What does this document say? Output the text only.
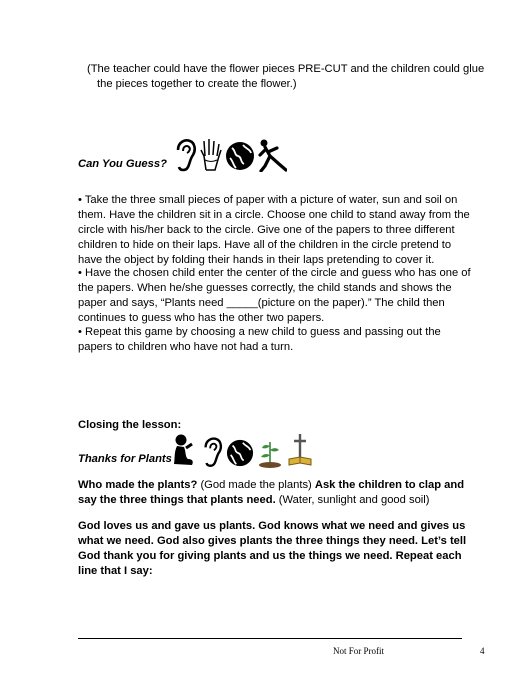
(The teacher could have the flower pieces PRE-CUT and the children could glue
the pieces together to create the flower.)
Can You Guess?
• Take the three small pieces of paper with a picture of water, sun and soil on them. Have the children sit in a circle. Choose one child to stand away from the circle with his/her back to the circle. Give one of the papers to three different children to hide on their laps. Have all of the children in the circle pretend to have the object by folding their hands in their laps pretending to cover it.
• Have the chosen child enter the center of the circle and guess who has one of the papers. When he/she guesses correctly, the child stands and shows the paper and says, “Plants need _____(picture on the paper).” The child then continues to guess who has the other two papers.
• Repeat this game by choosing a new child to guess and passing out the papers to children who have not had a turn.
Closing the lesson:
Thanks for Plants
Who made the plants? (God made the plants) Ask the children to clap and say the three things that plants need. (Water, sunlight and good soil)
God loves us and gave us plants. God knows what we need and gives us what we need. God also gives plants the three things they need. Let’s tell God thank you for giving plants and us the things we need. Repeat each line that I say:
Not For Profit	4
